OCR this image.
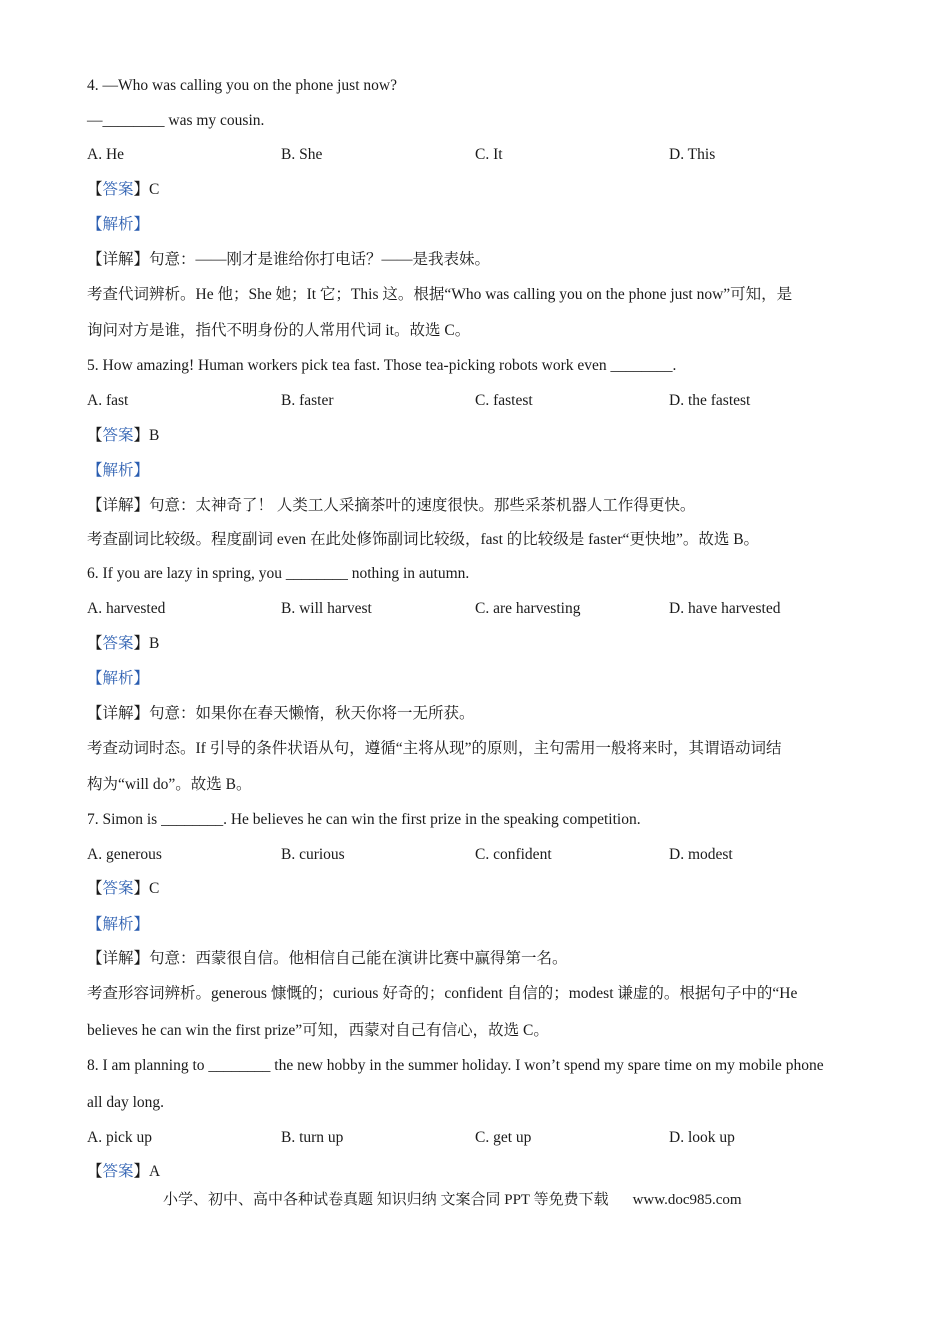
4. —Who was calling you on the phone just now?
—________ was my cousin.
A. He	B. She	C. It	D. This
【答案】C
【解析】
【详解】句意：——刚才是谁给你打电话？——是我表妹。
考查代词辨析。He 他；She 她；It 它；This 这。根据“Who was calling you on the phone just now”可知，是
询问对方是谁，指代不明身份的人常用代词 it。故选 C。
5. How amazing! Human workers pick tea fast. Those tea-picking robots work even ________.
A. fast	B. faster	C. fastest	D. the fastest
【答案】B
【解析】
【详解】句意：太神奇了！ 人类工人采摘茶叶的速度很快。那些采茶机器人工作得更快。
考查副词比较级。程度副词 even 在此处修饰副词比较级，fast 的比较级是 faster“更快地”。故选 B。
6. If you are lazy in spring, you ________ nothing in autumn.
A. harvested	B. will harvest	C. are harvesting	D. have harvested
【答案】B
【解析】
【详解】句意：如果你在春天懒惰，秋天你将一无所获。
考查动词时态。If 引导的条件状语从句，遵循“主将从现”的原则，主句需用一般将来时，其谓语动词结
构为“will do”。故选 B。
7. Simon is ________. He believes he can win the first prize in the speaking competition.
A. generous	B. curious	C. confident	D. modest
【答案】C
【解析】
【详解】句意：西蒙很自信。他相信自己能在演讲比赛中赢得第一名。
考查形容词辨析。generous 慷慨的；curious 好奇的；confident 自信的；modest 谦虚的。根据句子中的“He
believes he can win the first prize”可知，西蒙对自己有信心，故选 C。
8. I am planning to ________ the new hobby in the summer holiday. I won’t spend my spare time on my mobile phone
all day long.
A. pick up	B. turn up	C. get up	D. look up
【答案】A
小学、初中、高中各种试卷真题 知识归纳 文案合同 PPT 等免费下载 www.doc985.com
